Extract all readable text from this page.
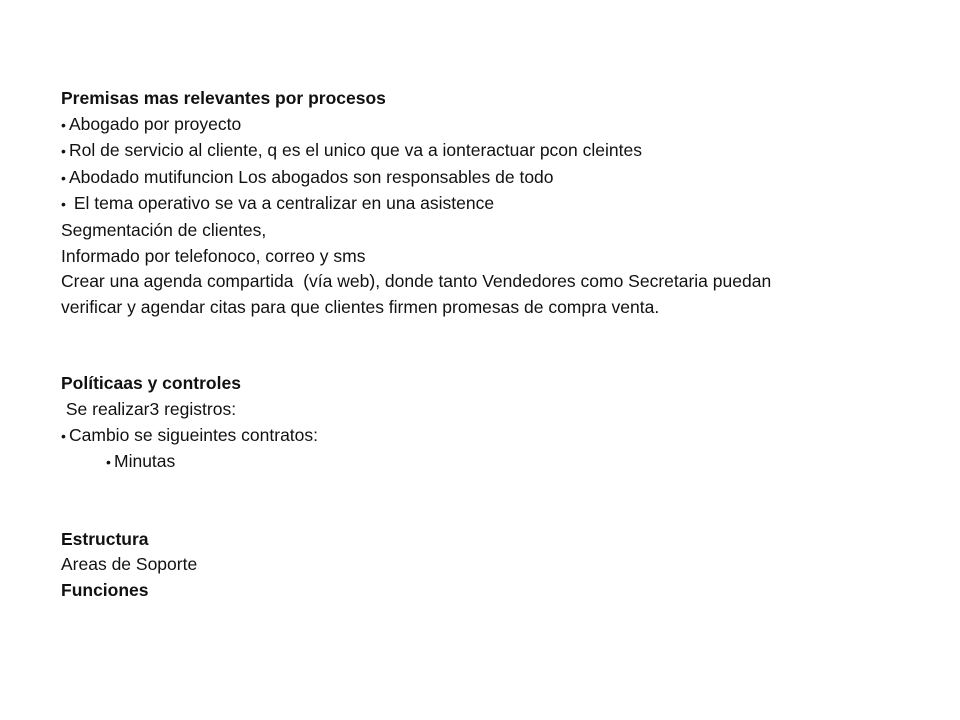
Premisas mas relevantes por procesos
• Abogado por proyecto
• Rol de servicio al cliente, q es el unico que va a ionteractuar pcon cleintes
• Abodado mutifuncion Los abogados son responsables de todo
• El tema operativo se va a centralizar en una asistence
Segmentación de clientes,
Informado por telefonoco, correo y sms
Crear una agenda compartida  (vía web), donde tanto Vendedores como Secretaria puedan verificar y agendar citas para que clientes firmen promesas de compra venta.
Políticaas y controles
Se realizar3 registros:
• Cambio se sigueintes contratos:
• Minutas
Estructura
Areas de Soporte
Funciones
